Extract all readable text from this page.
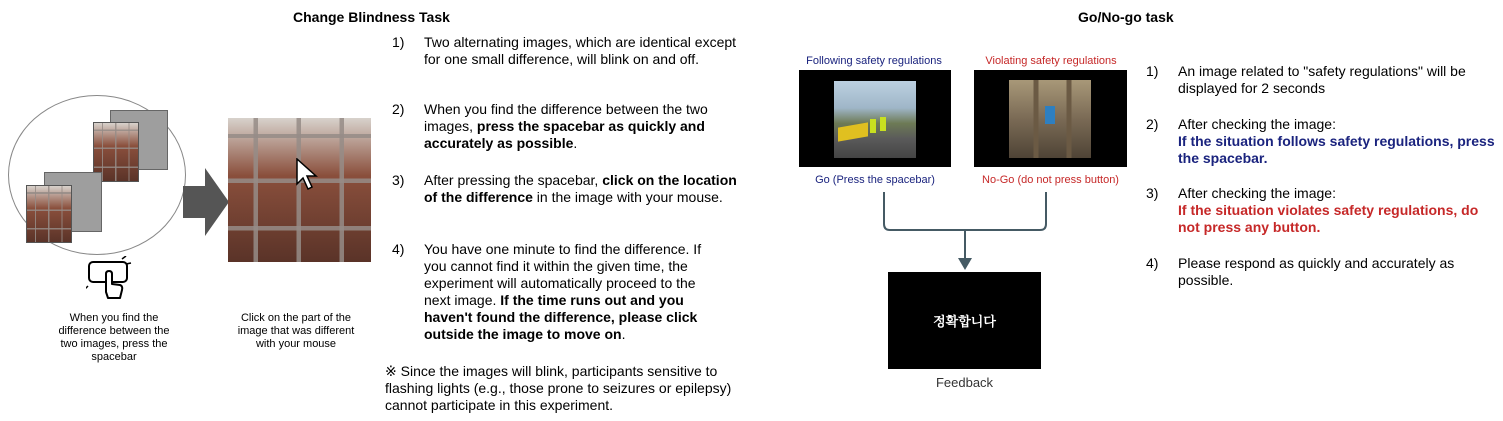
Change Blindness Task
When you find the difference between the two images, press the spacebar
Click on the part of the image that was different with your mouse
1) Two alternating images, which are identical except for one small difference, will blink on and off.
2) When you find the difference between the two images, press the spacebar as quickly and accurately as possible.
3) After pressing the spacebar, click on the location of the difference in the image with your mouse.
4) You have one minute to find the difference. If you cannot find it within the given time, the experiment will automatically proceed to the next image. If the time runs out and you haven't found the difference, please click outside the image to move on.
※ Since the images will blink, participants sensitive to flashing lights (e.g., those prone to seizures or epilepsy) cannot participate in this experiment.
Go/No-go task
Following safety regulations	Violating safety regulations
Go (Press the spacebar)	No-Go (do not press button)
정확합니다
Feedback
1) An image related to "safety regulations" will be displayed for 2 seconds
2) After checking the image:
If the situation follows safety regulations, press the spacebar.
3) After checking the image:
If the situation violates safety regulations, do not press any button.
4) Please respond as quickly and accurately as possible.
